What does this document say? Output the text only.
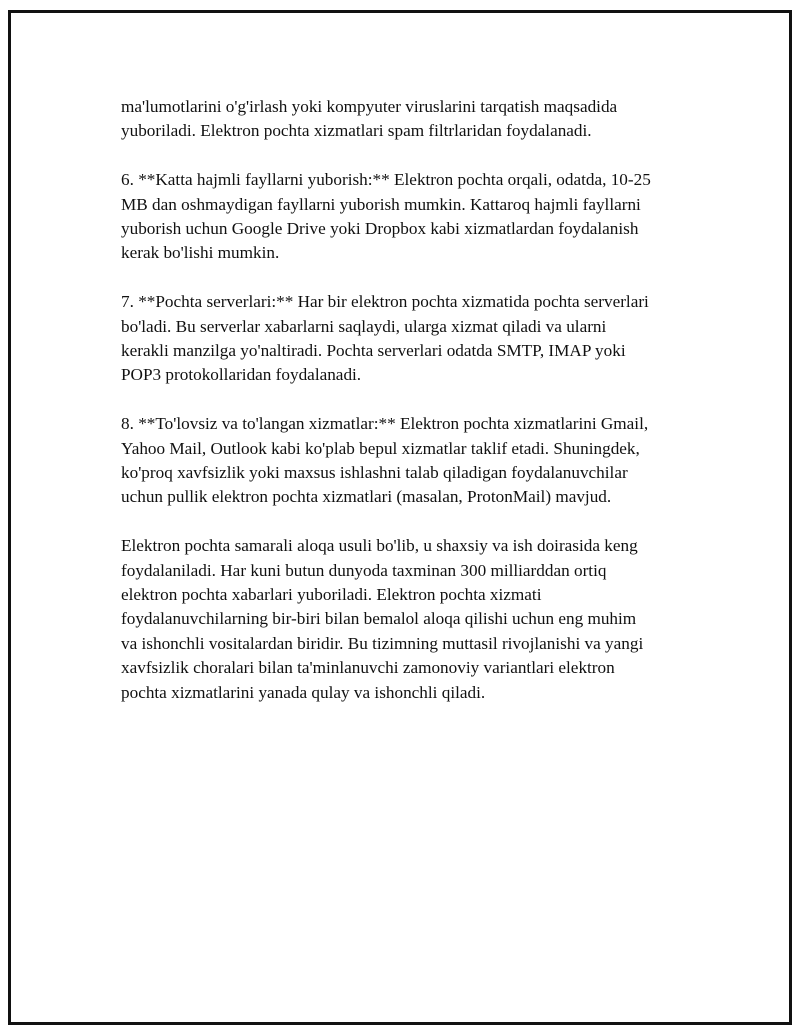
ma'lumotlarini o'g'irlash yoki kompyuter viruslarini tarqatish maqsadida
yuboriladi. Elektron pochta xizmatlari spam filtrlaridan foydalanadi.

6. **Katta hajmli fayllarni yuborish:** Elektron pochta orqali, odatda, 10-25
MB dan oshmaydigan fayllarni yuborish mumkin. Kattaroq hajmli fayllarni
yuborish uchun Google Drive yoki Dropbox kabi xizmatlardan foydalanish
kerak bo'lishi mumkin.

7. **Pochta serverlari:** Har bir elektron pochta xizmatida pochta serverlari
bo'ladi. Bu serverlar xabarlarni saqlaydi, ularga xizmat qiladi va ularni
kerakli manzilga yo'naltiradi. Pochta serverlari odatda SMTP, IMAP yoki
POP3 protokollaridan foydalanadi.

8. **To'lovsiz va to'langan xizmatlar:** Elektron pochta xizmatlarini Gmail,
Yahoo Mail, Outlook kabi ko'plab bepul xizmatlar taklif etadi. Shuningdek,
ko'proq xavfsizlik yoki maxsus ishlashni talab qiladigan foydalanuvchilar
uchun pullik elektron pochta xizmatlari (masalan, ProtonMail) mavjud.

Elektron pochta samarali aloqa usuli bo'lib, u shaxsiy va ish doirasida keng
foydalaniladi. Har kuni butun dunyoda taxminan 300 milliarddan ortiq
elektron pochta xabarlari yuboriladi. Elektron pochta xizmati
foydalanuvchilarning bir-biri bilan bemalol aloqa qilishi uchun eng muhim
va ishonchli vositalardan biridir. Bu tizimning muttasil rivojlanishi va yangi
xavfsizlik choralari bilan ta'minlanuvchi zamonoviy variantlari elektron
pochta xizmatlarini yanada qulay va ishonchli qiladi.
